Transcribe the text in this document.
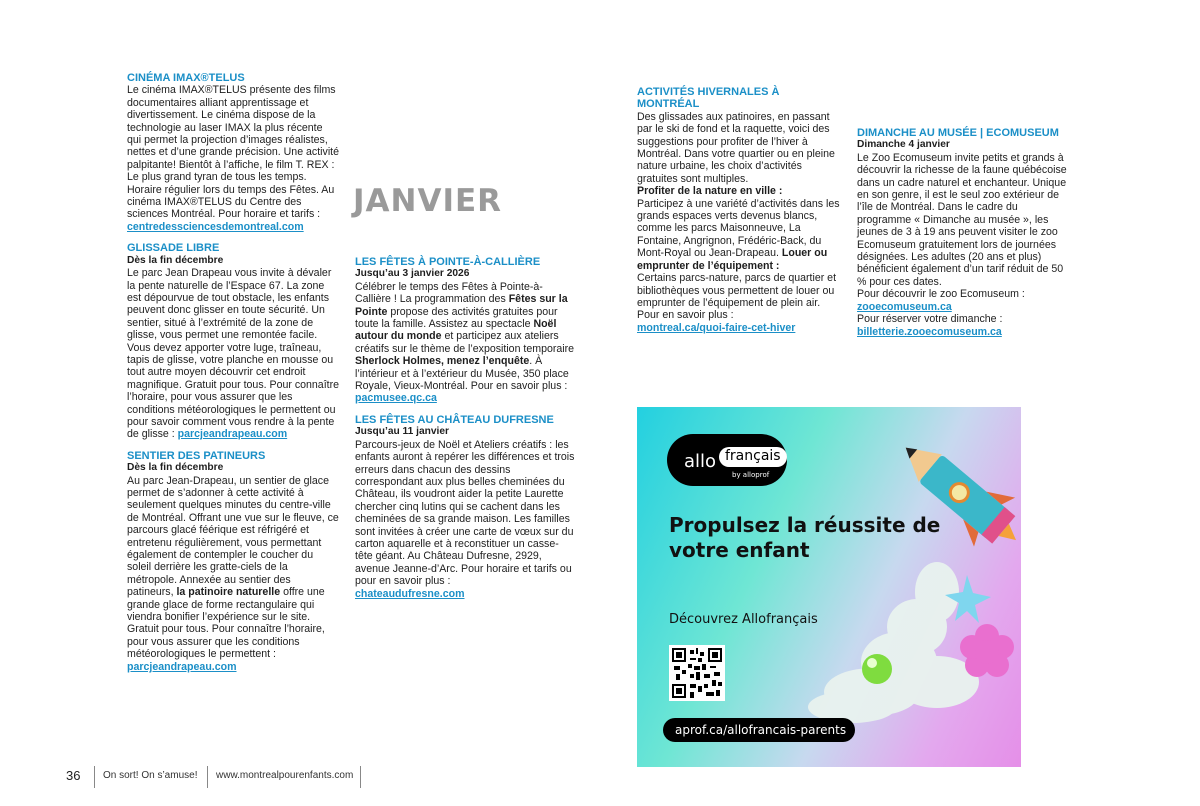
CINÉMA IMAX®TELUS

Le cinéma IMAX®TELUS présente des films documentaires alliant apprentissage et divertissement. Le cinéma dispose de la technologie au laser IMAX la plus récente qui permet la projection d’images réalistes, nettes et d’une grande précision. Une activité palpitante! Bientôt à l’affiche, le film T. REX : Le plus grand tyran de tous les temps. Horaire régulier lors du temps des Fêtes. Au cinéma IMAX®TELUS du Centre des sciences Montréal. Pour horaire et tarifs :
centredessciencesdemontreal.com

GLISSADE LIBRE

Dès la fin décembre

Le parc Jean Drapeau vous invite à dévaler la pente naturelle de l’Espace 67. La zone est dépourvue de tout obstacle, les enfants peuvent donc glisser en toute sécurité. Un sentier, situé à l’extrémité de la zone de glisse, vous permet une remontée facile. Vous devez apporter votre luge, traîneau, tapis de glisse, votre planche en mousse ou tout autre moyen découvrir cet endroit magnifique. Gratuit pour tous. Pour connaître l’horaire, pour vous assurer que les conditions météorologiques le permettent ou pour savoir comment vous rendre à la pente de glisse : parcjeandrapeau.com

SENTIER DES PATINEURS

Dès la fin décembre

Au parc Jean-Drapeau, un sentier de glace permet de s’adonner à cette activité à seulement quelques minutes du centre-ville de Montréal. Offrant une vue sur le fleuve, ce parcours glacé féérique est réfrigéré et entretenu régulièrement, vous permettant également de contempler le coucher du soleil derrière les gratte-ciels de la métropole. Annexée au sentier des patineurs, la patinoire naturelle offre une grande glace de forme rectangulaire qui viendra bonifier l’expérience sur le site. Gratuit pour tous. Pour connaître l’horaire, pour vous assurer que les conditions météorologiques le permettent :
parcjeandrapeau.com

JANVIER

LES FÊTES À POINTE-À-CALLIÈRE

Jusqu’au 3 janvier 2026

Célébrer le temps des Fêtes à Pointe-à-Callière ! La programmation des Fêtes sur la Pointe propose des activités gratuites pour toute la famille. Assistez au spectacle Noël autour du monde et participez aux ateliers créatifs sur le thème de l’exposition temporaire Sherlock Holmes, menez l’enquête. À l’intérieur et à l’extérieur du Musée, 350 place Royale, Vieux-Montréal. Pour en savoir plus : pacmusee.qc.ca

LES FÊTES AU CHÂTEAU DUFRESNE

Jusqu’au 11 janvier

Parcours-jeux de Noël et Ateliers créatifs : les enfants auront à repérer les différences et trois erreurs dans chacun des dessins correspondant aux plus belles cheminées du Château, ils voudront aider la petite Laurette chercher cinq lutins qui se cachent dans les cheminées de sa grande maison. Les familles sont invitées à créer une carte de vœux sur du carton aquarelle et à reconstituer un casse-tête géant. Au Château Dufresne, 2929, avenue Jeanne-d’Arc. Pour horaire et tarifs ou pour en savoir plus :
chateaudufresne.com

ACTIVITÉS HIVERNALES À MONTRÉAL

Des glissades aux patinoires, en passant par le ski de fond et la raquette, voici des suggestions pour profiter de l’hiver à Montréal. Dans votre quartier ou en pleine nature urbaine, les choix d’activités gratuites sont multiples.
Profiter de la nature en ville :
Participez à une variété d’activités dans les grands espaces verts devenus blancs, comme les parcs Maisonneuve, La Fontaine, Angrignon, Frédéric-Back, du Mont-Royal ou Jean-Drapeau. Louer ou emprunter de l’équipement :
Certains parcs-nature, parcs de quartier et bibliothèques vous permettent de louer ou emprunter de l’équipement de plein air. Pour en savoir plus :
montreal.ca/quoi-faire-cet-hiver

DIMANCHE AU MUSÉE | ECOMUSEUM

Dimanche 4 janvier

Le Zoo Ecomuseum invite petits et grands à découvrir la richesse de la faune québécoise dans un cadre naturel et enchanteur. Unique en son genre, il est le seul zoo extérieur de l’île de Montréal. Dans le cadre du programme « Dimanche au musée », les jeunes de 3 à 19 ans peuvent visiter le zoo Ecomuseum gratuitement lors de journées désignées. Les adultes (20 ans et plus) bénéficient également d’un tarif réduit de 50 % pour ces dates.
Pour découvrir le zoo Ecomuseum :
zooecomuseum.ca
Pour réserver votre dimanche :
billetterie.zooecomuseum.ca

allo français
by alloprof
Propulsez la réussite de votre enfant
Découvrez Allofrançais
aprof.ca/allofrancais-parents
36 On sort! On s’amuse! www.montrealpourenfants.com
